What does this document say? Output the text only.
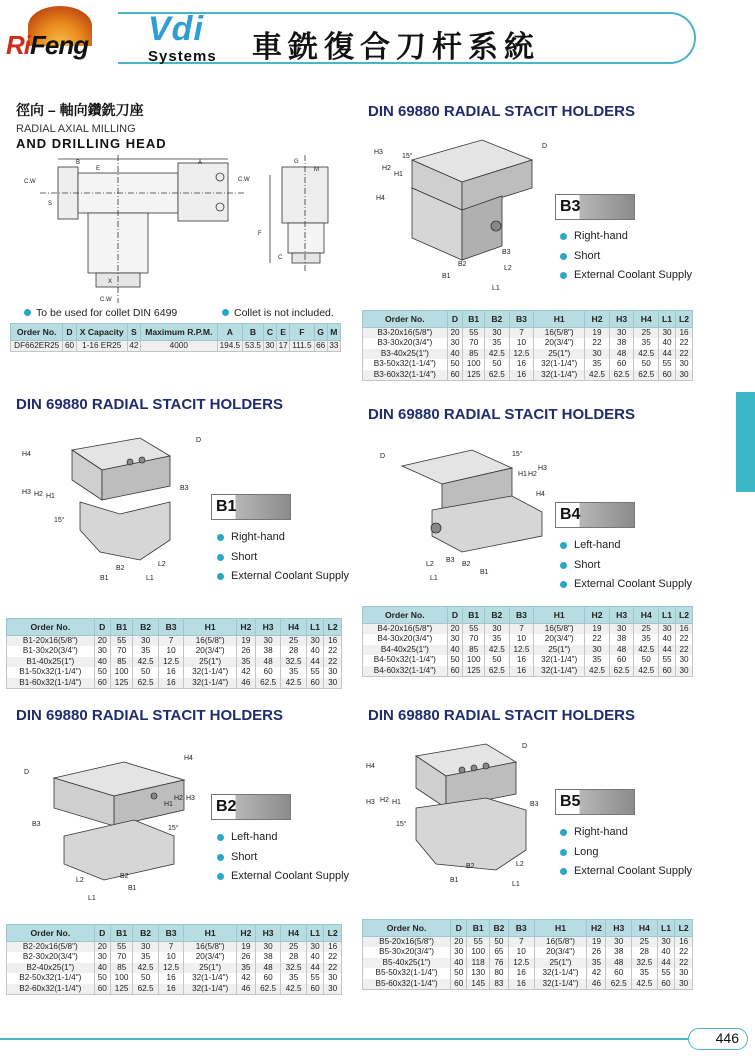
RiFeng Vdi
Systems 車銑復合刀杆系統
徑向 – 軸向鑽銑刀座
RADIAL AXIAL MILLING
AND DRILLING HEAD
C.W	C.W
C.W
B
E
A
S
X
F
G
M
C
To be used for collet DIN 6499	Collet is not included.
Order No.	D	X Capacity	S	Maximum R.P.M.	A	B	C	E	F	G	M
DF662ER25	60	1-16 ER25	42	4000	194.5	53.5	30	17	111.5	66	33
DIN 69880 RADIAL STACIT HOLDERS
DIN 69880 RADIAL STACIT HOLDERS
DIN 69880 RADIAL STACIT HOLDERS
DIN 69880 RADIAL STACIT HOLDERS	DIN 69880 RADIAL STACIT HOLDERS
H3
H2
H1
H4
15°
D
B1
B2
B3
L2
L1
H4
H3 H2 H1
15°
D
B3
B2
B1
L2
L1
D	15°
H1 H2
H3
H4
L2
B3
B2
B1
L1
D
H4
H1
H2 H3
15°
B3
L2
B2
B1
L1
H4
H3 H2 H1
15°
D
B3
B2
B1
L2
L1
B3
Right-hand
Short
External Coolant Supply
B1
Right-hand
Short
External Coolant Supply
B4
Left-hand
Short
External Coolant Supply
B2
Left-hand
Short
External Coolant Supply
B5
Right-hand
Long
External Coolant Supply
Order No.	D	B1	B2	B3	H1	H2	H3	H4	L1	L2
B3-20x16(5/8")	20	55	30	7	16(5/8")	19	30	25	30	16
B3-30x20(3/4")	30	70	35	10	20(3/4")	22	38	35	40	22
B3-40x25(1")	40	85	42.5	12.5	25(1")	30	48	42.5	44	22
B3-50x32(1-1/4")	50	100	50	16	32(1-1/4")	35	60	50	55	30
B3-60x32(1-1/4")	60	125	62.5	16	32(1-1/4")	42.5	62.5	62.5	60	30
Order No.	D	B1	B2	B3	H1	H2	H3	H4	L1	L2
B1-20x16(5/8")	20	55	30	7	16(5/8")	19	30	25	30	16
B1-30x20(3/4")	30	70	35	10	20(3/4")	26	38	28	40	22
B1-40x25(1")	40	85	42.5	12.5	25(1")	35	48	32.5	44	22
B1-50x32(1-1/4")	50	100	50	16	32(1-1/4")	42	60	35	55	30
B1-60x32(1-1/4")	60	125	62.5	16	32(1-1/4")	46	62.5	42.5	60	30
Order No.	D	B1	B2	B3	H1	H2	H3	H4	L1	L2
B4-20x16(5/8")	20	55	30	7	16(5/8")	19	30	25	30	16
B4-30x20(3/4")	30	70	35	10	20(3/4")	22	38	35	40	22
B4-40x25(1")	40	85	42.5	12.5	25(1")	30	48	42.5	44	22
B4-50x32(1-1/4")	50	100	50	16	32(1-1/4")	35	60	50	55	30
B4-60x32(1-1/4")	60	125	62.5	16	32(1-1/4")	42.5	62.5	42.5	60	30
Order No.	D	B1	B2	B3	H1	H2	H3	H4	L1	L2
B2-20x16(5/8")	20	55	30	7	16(5/8")	19	30	25	30	16
B2-30x20(3/4")	30	70	35	10	20(3/4")	26	38	28	40	22
B2-40x25(1")	40	85	42.5	12.5	25(1")	35	48	32.5	44	22
B2-50x32(1-1/4")	50	100	50	16	32(1-1/4")	42	60	35	55	30
B2-60x32(1-1/4")	60	125	62.5	16	32(1-1/4")	46	62.5	42.5	60	30
Order No.	D	B1	B2	B3	H1	H2	H3	H4	L1	L2
B5-20x16(5/8")	20	55	50	7	16(5/8")	19	30	25	30	16
B5-30x20(3/4")	30	100	65	10	20(3/4")	26	38	28	40	22
B5-40x25(1")	40	118	76	12.5	25(1")	35	48	32.5	44	22
B5-50x32(1-1/4")	50	130	80	16	32(1-1/4")	42	60	35	55	30
B5-60x32(1-1/4")	60	145	83	16	32(1-1/4")	46	62.5	42.5	60	30
446
